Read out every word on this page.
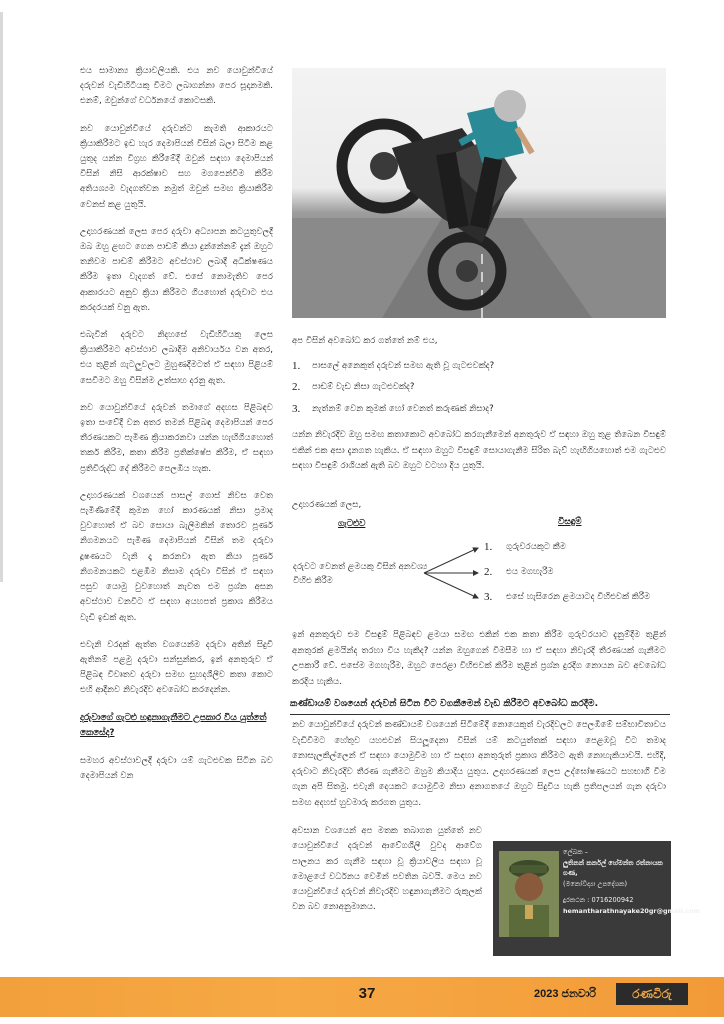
එය සාමාන්‍ය ක්‍රියාවලියකි. එය නව යොවුන්වියේ දරුවන් වැඩිහිටියකු වීමට ලබාගන්නා පෙර සූදානමකි. එනම්, ඔවුන්ගේ වර්ධනයේ කොටසකි.

නව යොවුන්වියේ දරුවන්ට කැමති ආකාරයට ක්‍රියාකිරීමට ඉඩ හැර දෙමාපියන් විසින් බලා සිටීම කළ යුතුද යන්න විග්‍රහ කිරීමේදී ඔවුන් සඳහා දෙමාපියන් විසින් නිසි ආරක්ෂාව සහ මගපෙන්වීම කිරීම අතියශ්‍යම වැදගත්වන නමුත් ඔවුන් සමඟ ක්‍රියාකිරීම වෙනස් කළ යුතුයි.

උදාහරණයක් ලෙස පෙර දරුවා අධ්‍යාපන කටයුතුවලදී ඔබ ඔහු ළඟට ගෙන පාඩම් කියා දුන්නේනම් දැන් ඔහුට තනිවම පාඩම් කිරීමට අවස්ථාව ලබාදී අධීක්ෂණය කිරීම ඉතා වැදගත් වේ. එසේ නොමැතිව පෙර ආකාරයට අනුව ක්‍රියා කිරීමට ගියහොත් දරුවාට එය කරදරයක් වනු ඇත.

එබැවින් දරුවට නිදහසේ වැඩිහිටියකු ලෙස ක්‍රියාකිරීමට අවස්ථාව ලබාදීම අනිවාර්යය වන අතර, එය තුළින් ගැටලුවලට මුහුණදීමටත් ඒ සඳහා පිළියම් සෙවීමට ඔහු විසින්ම උත්සාහ දරනු ඇත.

නව යොවුන්වියේ දරුවන් තමාගේ අදහස පිළිබඳව ඉතා සංවේදී වන අතර තමන් පිළිබඳ දෙමාපියන් පෙර තීරණයකට පැමිණ ක්‍රියාකරනවා යන්න හැඟිගියහොත් තර්ක කිරීම, කතා කිරීම ප්‍රතික්ෂේප කිරීම, ඒ සඳහා ප්‍රතිවිරුද්ධ දේ කිරීමට පෙලඹිය හැක.

උදාහරණයක් වශයෙන් පාසල් ගොස් නිවස වෙත පැමිණීමේදී කුමන හෝ කාරණයක් නිසා ප්‍රමාද වුවහොත් ඒ බව සොයා බැලීමකින් තොරව පූර්ණ නිගමනයට පැමිණ දෙමාපියන් විසින් තම දරුවා දූෂණයට වැනි දෑ කරනවා ඇත කියා පූර්ණ නිගමනයකට එළඹීම නිසාම දරුවා විසින් ඒ සඳහා පසුව යොමු වුවහොත් නැවත එම ප්‍රශ්න අසන අවස්ථාව වනවිට ඒ සඳහා අයහපත් ප්‍රකාශ කිරීමය වැඩි ඉඩක් ඇත.

එවැනි වරදක් ඇත්ත වශයෙන්ම දරුවා අතින් සිදුවී ඇතිනම් පළමු දරුවා සන්සුන්කර, ඉන් අනතුරුව ඒ පිළිබඳ විවෘතව දරුවා සමඟ සුහදශීලීව කතා කොට එහි ආදීනව නිවැරදිව අවබෝධ කරදෙන්න.

දරුවාගේ ගැටළු හඳුනාගැනීමට උපකාර විය යුත්තේ කෙසේද?

සමහර අවස්ථාවලදී දරුවා යම් ගැටළුවක සිටින බව දෙමාපියන් වන

අප විසින් අවබෝධ කර ගත්තේ නම් එය,

1.	පාසලේ අනෙකුත් දරුවන් සමඟ ඇති වූ ගැටළුවක්ද?
2.	පාඩම් වැඩ නිසා ගැටළුවක්ද?
3.	නැත්නම් වෙන කුමක් හෝ වෙනත් කරුණක් නිසාද?

යන්න නිවැරදිව ඔහු සමඟ කතාකොට අවබෝධ කරගැනීමෙන් අනතුරුව ඒ සඳහා ඔහු තුළ තිබෙන විසඳුම් එකින් එක අසා දැනගත හැකිය. ඒ සඳහා ඔහුට විසඳුම් සොයාගැනීම සිරිත බැව් හැඟිගියහොත් එම ගැටළුව සඳහා විසඳුම් රාශියක් ඇති බව ඔහුට වටහා දිය යුතුයි.

උදාහරණයක් ලෙස,
ගැටළුව	විසඳුම්
දරුවට වෙනත් ළමයකු විසින් අනවශ්‍ය විහිළු කිරීම
1.	ගුරුවරයකුට කීම
2.	එය මගහැරීම
3.	එසේ හැසිරෙන ළමයාටද විහිළුවක් කිරීම

ඉන් අනතුරුව එම විසඳුම් පිළිබඳව ළමයා සමඟ එකින් එක කතා කිරීම ගුරුවරයාට දැනුම්දීම තුළින් අනතුරක් ළමයින්ද තරහා විය හැකිද? යන්න ඔහුගෙන් විමසීම හා ඒ සඳහා නිවැරදි තීරණයක් ගැනීමට උපකාරී වේ. එසේම මගහැරීම, ඔහුට පෙරළා විහිළුවක් කිරීම තුළින් ප්‍රශ්න දුරදිග නොයන බව අවබෝධ කරදිය හැකිය.

කණ්ඩායම් වශයෙන් දරුවන් සිටින විට වගකීමෙන් වැඩ කිරීමට අවබෝධ කරදීම.

නව යොවුන්වියේ දරුවන් කණ්ඩායම් වශයෙන් සිටීමේදී නොයෙකුත් වැරදිවලට පෙලඹීමේ සම්භාවිතාවය වැඩිවීමට හේතුව යහළුවන් සියලූදෙනා විසින් යම් කටයුත්තක් සඳහා පෙළඹවූ විට තමාද නොසැලකිල්ලෙන් ඒ සඳහා යොමුවීම හා ඒ සඳහා අනතුරුත් ප්‍රකාශ කිරීමට ඇති නොහැකියාවයි. එහිදී, දරුවාට නිවැරදිව තීරණ ගැනීමට ඔහුම කියාදිය යුතුය. උදාහරණයක් ලෙස උද්ඝෝෂණයට සහභාගී වීම ගැන අපි සිතමු. එවැනි දෙයකට යොමුවීම නිසා අනාගතයේ ඔහුට සිදුවිය හැකි ප්‍රතිපලයන් ගැන දරුවා සමඟ අදහස් හුවමාරු කරගත යුතුය.

අවසාන වශයෙන් අප මතක තබාගත යුත්තේ නව යොවුන්වියේ දරුවන් ආවේගශීලී වුවද ආවේග පාලනය කර ගැනීම සඳහා වූ ක්‍රියාවලිය සඳහා වූ මොළයේ වර්ධනය වෙමින් පවතින බවයි. මෙය නව යොවුන්වියේ දරුවන් නිවැරදිව හඳුනාගැනීමට රුකුලක් වන බව නොඅනුමානය.

ලේඛක –
ලුතිනන් කර්නල් හේමන්ත රත්නායක ගණ,
(මනෝවිද්‍යා උපදේශක)
දුරකථන : 0716200942
hemantharathnayake20gr@gmail.com
37	2023 ජනවාරි	රණවිරු
